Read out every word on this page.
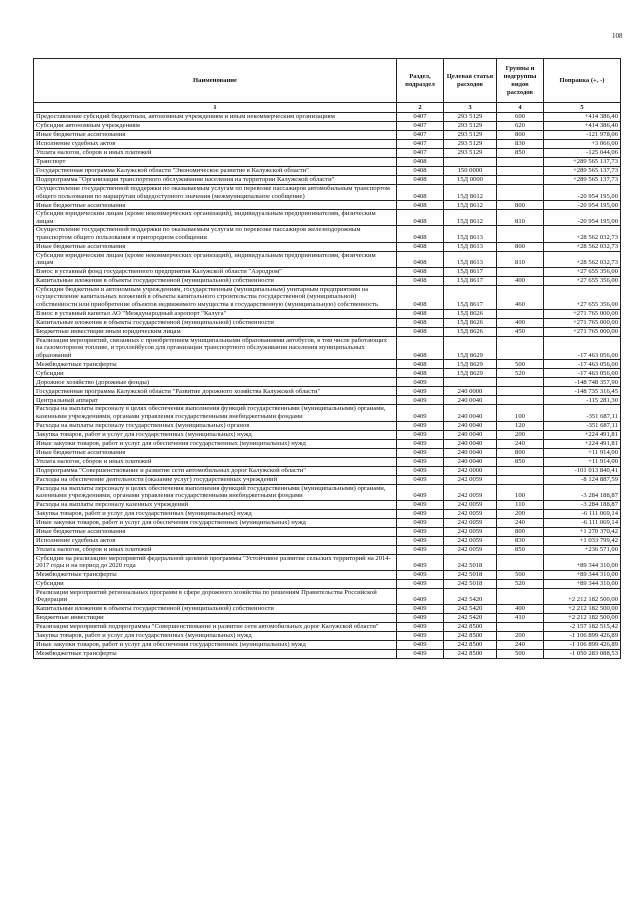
108
Наименование	Раздел, подраздел	Целевая статья расходов	Группы и подгруппы видов расходов	Поправка (+, -)
1	2	3	4	5
Предоставление субсидий бюджетным, автономным учреждениям и иным некоммерческим организациям	0407	293 5129	600	+414 386,40
Субсидии автономным учреждениям	0407	293 5129	620	+414 386,40
Иные бюджетные ассигнования	0407	293 5129	800	-121 978,06
Исполнение судебных актов	0407	293 5129	830	+3 066,00
Уплата налогов, сборов и иных платежей	0407	293 5129	850	-125 044,06
Транспорт	0408			+289 565 137,73
Государственная программа Калужской области "Экономическое развитие в Калужской области"	0408	150 0000		+289 565 137,73
Подпрограмма "Организация транспортного обслуживания населения на территории Калужской области"	0408	15Д 0000		+289 565 137,73
Осуществление государственной поддержки по оказываемым услугам по перевозке пассажиров автомобильным транспортом общего пользования по маршрутам общедоступного значения (межмуниципальное сообщение)	0408	15Д 8612		-20 954 195,00
Иные бюджетные ассигнования	0408	15Д 8612	800	-20 954 195,00
Субсидии юридическим лицам (кроме некоммерческих организаций), индивидуальным предпринимателям, физическим лицам	0408	15Д 8612	810	-20 954 195,00
Осуществление государственной поддержки по оказываемым услугам по перевозке пассажиров железнодорожным транспортом общего пользования в пригородном сообщении	0408	15Д 8613		+28 562 032,73
Иные бюджетные ассигнования	0408	15Д 8613	800	+28 562 032,73
Субсидии юридическим лицам (кроме некоммерческих организаций), индивидуальным предпринимателям, физическим лицам	0408	15Д 8613	810	+28 562 032,73
Взнос в уставный фонд государственного предприятия Калужской области "Аэродром"	0408	15Д 8617		+27 655 356,00
Капитальные вложения в объекты государственной (муниципальной) собственности	0408	15Д 8617	400	+27 655 356,00
Субсидии бюджетным и автономным учреждениям, государственным (муниципальным) унитарным предприятиям на осуществление капитальных вложений в объекты капитального строительства государственной (муниципальной) собственности или приобретение объектов недвижимого имущества в государственную (муниципальную) собственность	0408	15Д 8617	460	+27 655 356,00
Взнос в уставный капитал АО "Международный аэропорт "Калуга"	0408	15Д 8626		+271 765 000,00
Капитальные вложения в объекты государственной (муниципальной) собственности	0408	15Д 8626	400	+271 765 000,00
Бюджетные инвестиции иным юридическим лицам	0408	15Д 8626	450	+271 765 000,00
Реализация мероприятий, связанных с приобретением муниципальными образованиями автобусов, в том числе работающих на газомоторном топливе, и троллейбусов для организации транспортного обслуживания населения муниципальных образований	0408	15Д 8629		-17 463 056,00
Межбюджетные трансферты	0408	15Д 8629	500	-17 463 056,00
Субсидии	0408	15Д 8629	520	-17 463 056,00
Дорожное хозяйство (дорожные фонды)	0409			-148 748 357,90
Государственная программа Калужской области "Развитие дорожного хозяйства Калужской области"	0409	240 0000		-148 735 316,45
Центральный аппарат	0409	240 0040		-115 281,30
Расходы на выплаты персоналу в целях обеспечения выполнения функций государственными (муниципальными) органами, казенными учреждениями, органами управления государственными внебюджетными фондами	0409	240 0040	100	-351 687,11
Расходы на выплаты персоналу государственных (муниципальных) органов	0409	240 0040	120	-351 687,11
Закупка товаров, работ и услуг для государственных (муниципальных) нужд	0409	240 0040	200	+224 491,81
Иные закупки товаров, работ и услуг для обеспечения государственных (муниципальных) нужд	0409	240 0040	240	+224 491,81
Иные бюджетные ассигнования	0409	240 0040	800	+11 914,00
Уплата налогов, сборов и иных платежей	0409	240 0040	850	+11 914,00
Подпрограмма "Совершенствование и развитие сети автомобильных дорог Калужской области"	0409	242 0000		-101 013 840,41
Расходы на обеспечение деятельности (оказание услуг) государственных учреждений	0409	242 0059		-8 124 887,59
Расходы на выплаты персоналу в целях обеспечения выполнения функций государственными (муниципальными) органами, казенными учреждениями, органами управления государственными внебюджетными фондами	0409	242 0059	100	-3 284 188,87
Расходы на выплаты персоналу казенных учреждений	0409	242 0059	110	-3 284 188,87
Закупка товаров, работ и услуг для государственных (муниципальных) нужд	0409	242 0059	200	-6 111 069,14
Иные закупки товаров, работ и услуг для обеспечения государственных (муниципальных) нужд	0409	242 0059	240	-6 111 069,14
Иные бюджетные ассигнования	0409	242 0059	800	+1 270 370,42
Исполнение судебных актов	0409	242 0059	830	+1 033 799,42
Уплата налогов, сборов и иных платежей	0409	242 0059	850	+236 571,00
Субсидии на реализацию мероприятий федеральной целевой программы "Устойчивое развитие сельских территорий на 2014-2017 годы и на период до 2020 года	0409	242 5018		+89 344 310,00
Межбюджетные трансферты	0409	242 5018	500	+89 344 310,00
Субсидии	0409	242 5018	520	+89 344 310,00
Реализация мероприятий региональных программ в сфере дорожного хозяйства по решениям Правительства Российской Федерации	0409	242 5420		+2 212 182 500,00
Капитальные вложения в объекты государственной (муниципальной) собственности	0409	242 5420	400	+2 212 182 500,00
Бюджетные инвестиции	0409	242 5420	410	+2 212 182 500,00
Реализация мероприятий подпрограммы "Совершенствование и развитие сети автомобильных дорог Калужской области"	0409	242 8500		-2 157 182 515,42
Закупка товаров, работ и услуг для государственных (муниципальных) нужд	0409	242 8500	200	-1 106 899 426,89
Иные закупки товаров, работ и услуг для обеспечения государственных (муниципальных) нужд	0409	242 8500	240	-1 106 899 426,89
Межбюджетные трансферты	0409	242 8500	500	-1 050 283 088,53
